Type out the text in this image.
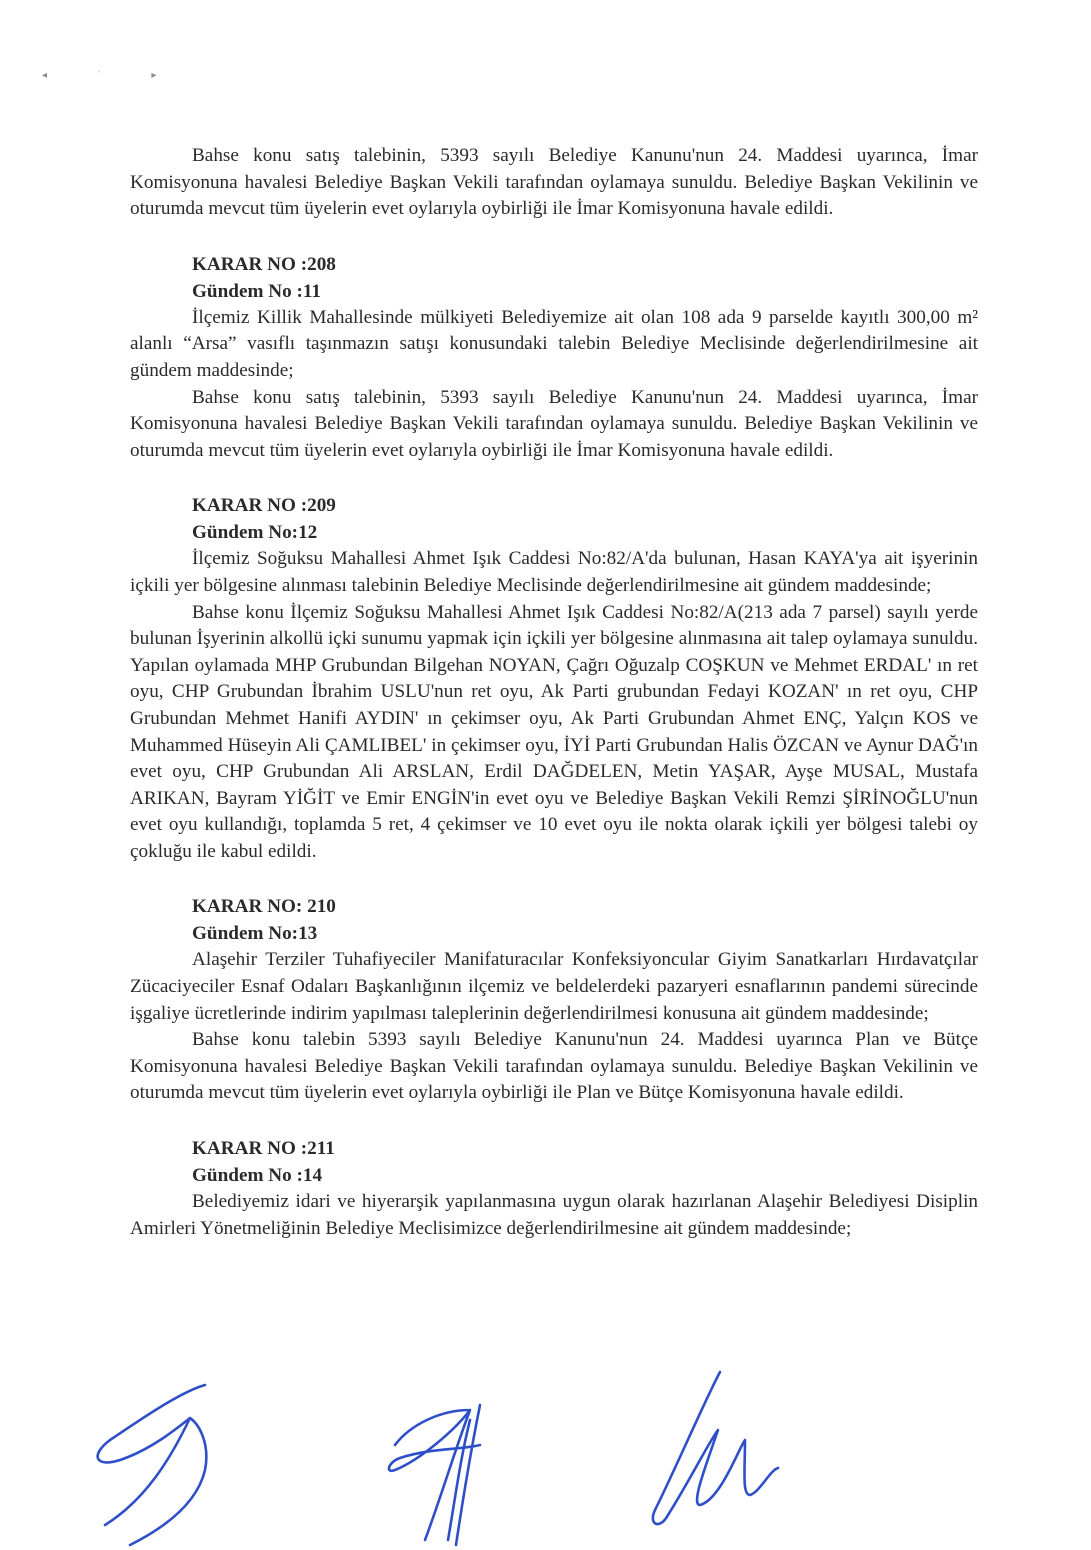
◂ ˈ ▸

Bahse konu satış talebinin, 5393 sayılı Belediye Kanunu'nun 24. Maddesi uyarınca, İmar Komisyonuna havalesi Belediye Başkan Vekili tarafından oylamaya sunuldu. Belediye Başkan Vekilinin ve oturumda mevcut tüm üyelerin evet oylarıyla oybirliği ile İmar Komisyonuna havale edildi.

KARAR NO :208

Gündem No :11

İlçemiz Killik Mahallesinde mülkiyeti Belediyemize ait olan 108 ada 9 parselde kayıtlı 300,00 m² alanlı “Arsa” vasıflı taşınmazın satışı konusundaki talebin Belediye Meclisinde değerlendirilmesine ait gündem maddesinde;

Bahse konu satış talebinin, 5393 sayılı Belediye Kanunu'nun 24. Maddesi uyarınca, İmar Komisyonuna havalesi Belediye Başkan Vekili tarafından oylamaya sunuldu. Belediye Başkan Vekilinin ve oturumda mevcut tüm üyelerin evet oylarıyla oybirliği ile İmar Komisyonuna havale edildi.

KARAR NO :209

Gündem No:12

İlçemiz Soğuksu Mahallesi Ahmet Işık Caddesi No:82/A'da bulunan, Hasan KAYA'ya ait işyerinin içkili yer bölgesine alınması talebinin Belediye Meclisinde değerlendirilmesine ait gündem maddesinde;

Bahse konu İlçemiz Soğuksu Mahallesi Ahmet Işık Caddesi No:82/A(213 ada 7 parsel) sayılı yerde bulunan İşyerinin alkollü içki sunumu yapmak için içkili yer bölgesine alınmasına ait talep oylamaya sunuldu. Yapılan oylamada MHP Grubundan Bilgehan NOYAN, Çağrı Oğuzalp COŞKUN ve Mehmet ERDAL' ın ret oyu, CHP Grubundan İbrahim USLU'nun ret oyu, Ak Parti grubundan Fedayi KOZAN' ın ret oyu, CHP Grubundan Mehmet Hanifi AYDIN' ın çekimser oyu, Ak Parti Grubundan Ahmet ENÇ, Yalçın KOS ve Muhammed Hüseyin Ali ÇAMLIBEL' in çekimser oyu, İYİ Parti Grubundan Halis ÖZCAN ve Aynur DAĞ'ın evet oyu, CHP Grubundan Ali ARSLAN, Erdil DAĞDELEN, Metin YAŞAR, Ayşe MUSAL, Mustafa ARIKAN, Bayram YİĞİT ve Emir ENGİN'in evet oyu ve Belediye Başkan Vekili Remzi ŞİRİNOĞLU'nun evet oyu kullandığı, toplamda 5 ret, 4 çekimser ve 10 evet oyu ile nokta olarak içkili yer bölgesi talebi oy çokluğu ile kabul edildi.

KARAR NO: 210

Gündem No:13

Alaşehir Terziler Tuhafiyeciler Manifaturacılar Konfeksiyoncular Giyim Sanatkarları Hırdavatçılar Zücaciyeciler Esnaf Odaları Başkanlığının ilçemiz ve beldelerdeki pazaryeri esnaflarının pandemi sürecinde işgaliye ücretlerinde indirim yapılması taleplerinin değerlendirilmesi konusuna ait gündem maddesinde;

Bahse konu talebin 5393 sayılı Belediye Kanunu'nun 24. Maddesi uyarınca Plan ve Bütçe Komisyonuna havalesi Belediye Başkan Vekili tarafından oylamaya sunuldu. Belediye Başkan Vekilinin ve oturumda mevcut tüm üyelerin evet oylarıyla oybirliği ile Plan ve Bütçe Komisyonuna havale edildi.

KARAR NO :211

Gündem No :14

Belediyemiz idari ve hiyerarşik yapılanmasına uygun olarak hazırlanan Alaşehir Belediyesi Disiplin Amirleri Yönetmeliğinin Belediye Meclisimizce değerlendirilmesine ait gündem maddesinde;
